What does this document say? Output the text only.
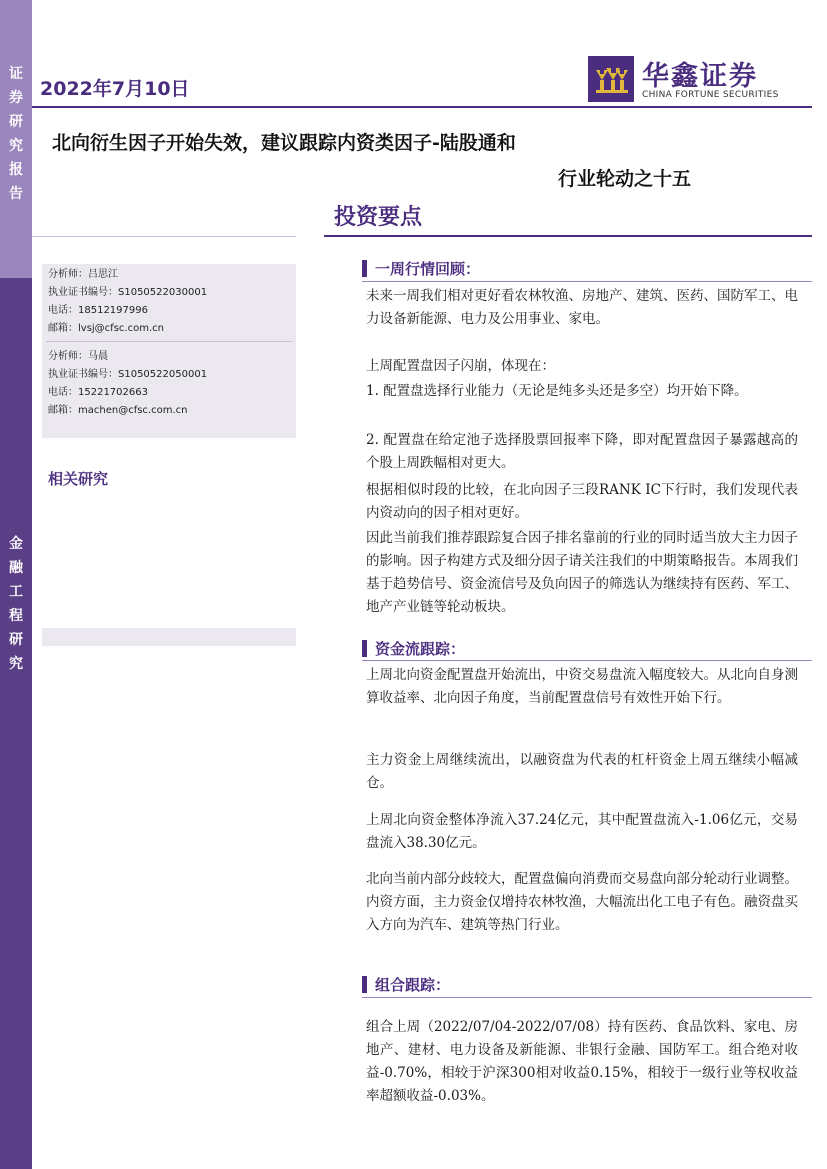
证
券
研
究
报
告
金
融
工
程
研
究
2022年7月10日	华鑫证券
CHINA FORTUNE SECURITIES
北向衍生因子开始失效，建议跟踪内资类因子-陆股通和
行业轮动之十五
投资要点
分析师：吕思江
执业证书编号：S1050522030001
电话：18512197996
邮箱：lvsj@cfsc.com.cn
分析师：马晨
执业证书编号：S1050522050001
电话：15221702663
邮箱：machen@cfsc.com.cn
相关研究
一周行情回顾：
未来一周我们相对更好看农林牧渔、房地产、建筑、医药、国防军工、电力设备新能源、电力及公用事业、家电。
上周配置盘因子闪崩，体现在：
1. 配置盘选择行业能力（无论是纯多头还是多空）均开始下降。
2. 配置盘在给定池子选择股票回报率下降，即对配置盘因子暴露越高的个股上周跌幅相对更大。
根据相似时段的比较，在北向因子三段RANK IC下行时，我们发现代表内资动向的因子相对更好。
因此当前我们推荐跟踪复合因子排名靠前的行业的同时适当放大主力因子的影响。因子构建方式及细分因子请关注我们的中期策略报告。本周我们基于趋势信号、资金流信号及负向因子的筛选认为继续持有医药、军工、地产产业链等轮动板块。
资金流跟踪：
上周北向资金配置盘开始流出，中资交易盘流入幅度较大。从北向自身测算收益率、北向因子角度，当前配置盘信号有效性开始下行。
主力资金上周继续流出，以融资盘为代表的杠杆资金上周五继续小幅减仓。
上周北向资金整体净流入37.24亿元，其中配置盘流入-1.06亿元，交易盘流入38.30亿元。
北向当前内部分歧较大，配置盘偏向消费而交易盘向部分轮动行业调整。内资方面，主力资金仅增持农林牧渔，大幅流出化工电子有色。融资盘买入方向为汽车、建筑等热门行业。
组合跟踪：
组合上周（2022/07/04-2022/07/08）持有医药、食品饮料、家电、房地产、建材、电力设备及新能源、非银行金融、国防军工。组合绝对收益-0.70%，相较于沪深300相对收益0.15%，相较于一级行业等权收益率超额收益-0.03%。
